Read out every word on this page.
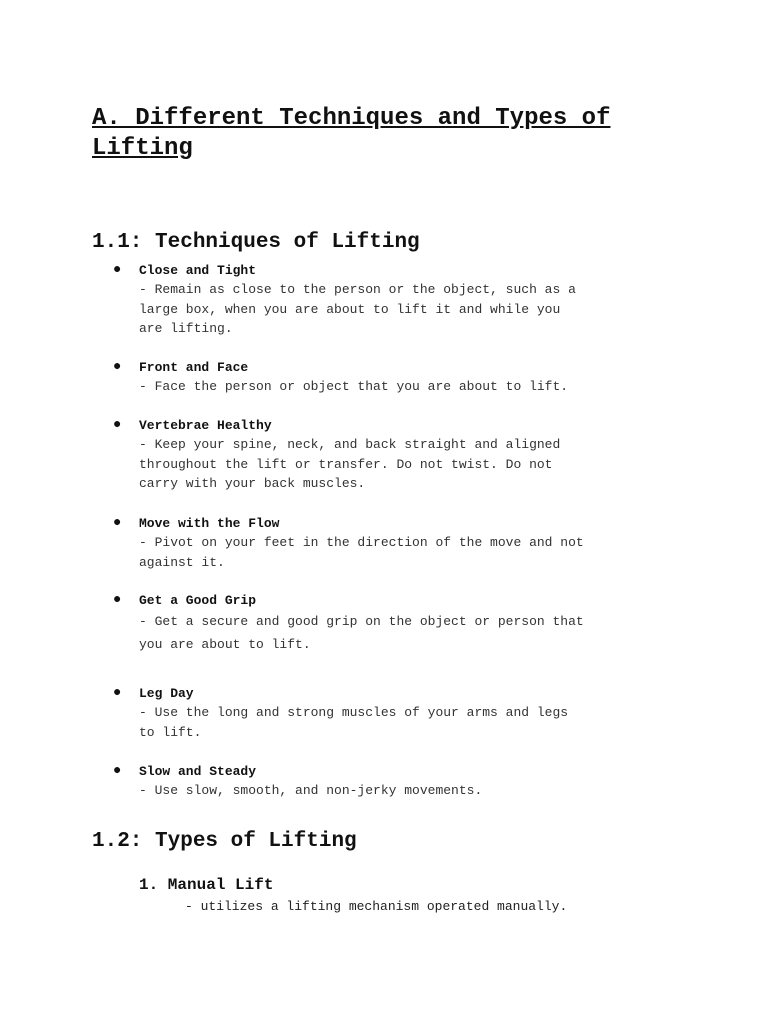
A. Different Techniques and Types of Lifting
1.1: Techniques of Lifting
● Close and Tight
- Remain as close to the person or the object, such as a
large box, when you are about to lift it and while you
are lifting.
● Front and Face
- Face the person or object that you are about to lift.
● Vertebrae Healthy
- Keep your spine, neck, and back straight and aligned
throughout the lift or transfer. Do not twist. Do not
carry with your back muscles.
● Move with the Flow
- Pivot on your feet in the direction of the move and not
against it.
● Get a Good Grip
- Get a secure and good grip on the object or person that
you are about to lift.
● Leg Day
- Use the long and strong muscles of your arms and legs
to lift.
● Slow and Steady
- Use slow, smooth, and non-jerky movements.
1.2: Types of Lifting
1. Manual Lift
- utilizes a lifting mechanism operated manually.
